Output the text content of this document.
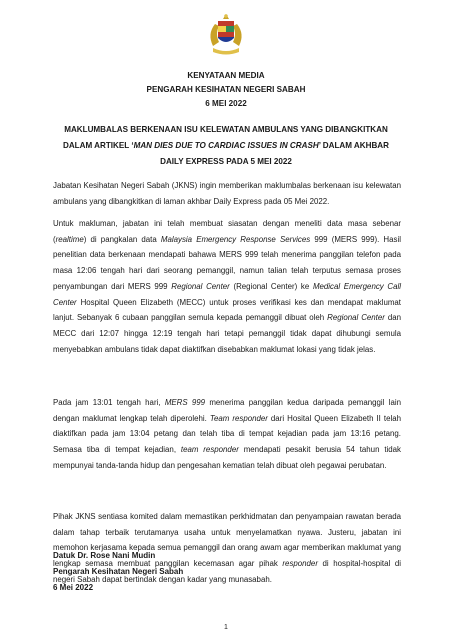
KENYATAAN MEDIA
PENGARAH KESIHATAN NEGERI SABAH
6 MEI 2022
MAKLUMBALAS BERKENAAN ISU KELEWATAN AMBULANS YANG DIBANGKITKAN
DALAM ARTIKEL ‘MAN DIES DUE TO CARDIAC ISSUES IN CRASH’ DALAM AKHBAR
DAILY EXPRESS PADA 5 MEI 2022

Jabatan Kesihatan Negeri Sabah (JKNS) ingin memberikan maklumbalas berkenaan isu kelewatan ambulans yang dibangkitkan di laman akhbar Daily Express pada 05 Mei 2022.

Untuk makluman, jabatan ini telah membuat siasatan dengan meneliti data masa sebenar (realtime) di pangkalan data Malaysia Emergency Response Services 999 (MERS 999). Hasil penelitian data berkenaan mendapati bahawa MERS 999 telah menerima panggilan telefon pada masa 12:06 tengah hari dari seorang pemanggil, namun talian telah terputus semasa proses penyambungan dari MERS 999 Regional Center (Regional Center) ke Medical Emergency Call Center Hospital Queen Elizabeth (MECC) untuk proses verifikasi kes dan mendapat maklumat lanjut. Sebanyak 6 cubaan panggilan semula kepada pemanggil dibuat oleh Regional Center dan MECC dari 12:07 hingga 12:19 tengah hari tetapi pemanggil tidak dapat dihubungi semula menyebabkan ambulans tidak dapat diaktifkan disebabkan maklumat lokasi yang tidak jelas.

Pada jam 13:01 tengah hari, MERS 999 menerima panggilan kedua daripada pemanggil lain dengan maklumat lengkap telah diperolehi. Team responder dari Hosital Queen Elizabeth II telah diaktifkan pada jam 13:04 petang dan telah tiba di tempat kejadian pada jam 13:16 petang. Semasa tiba di tempat kejadian, team responder mendapati pesakit berusia 54 tahun tidak mempunyai tanda-tanda hidup dan pengesahan kematian telah dibuat oleh pegawai perubatan.

Pihak JKNS sentiasa komited dalam memastikan perkhidmatan dan penyampaian rawatan berada dalam tahap terbaik terutamanya usaha untuk menyelamatkan nyawa. Justeru, jabatan ini memohon kerjasama kepada semua pemanggil dan orang awam agar memberikan maklumat yang lengkap semasa membuat panggilan kecemasan agar pihak responder di hospital-hospital di negeri Sabah dapat bertindak dengan kadar yang munasabah.

Datuk Dr. Rose Nani Mudin
Pengarah Kesihatan Negeri Sabah
6 Mei 2022
1
